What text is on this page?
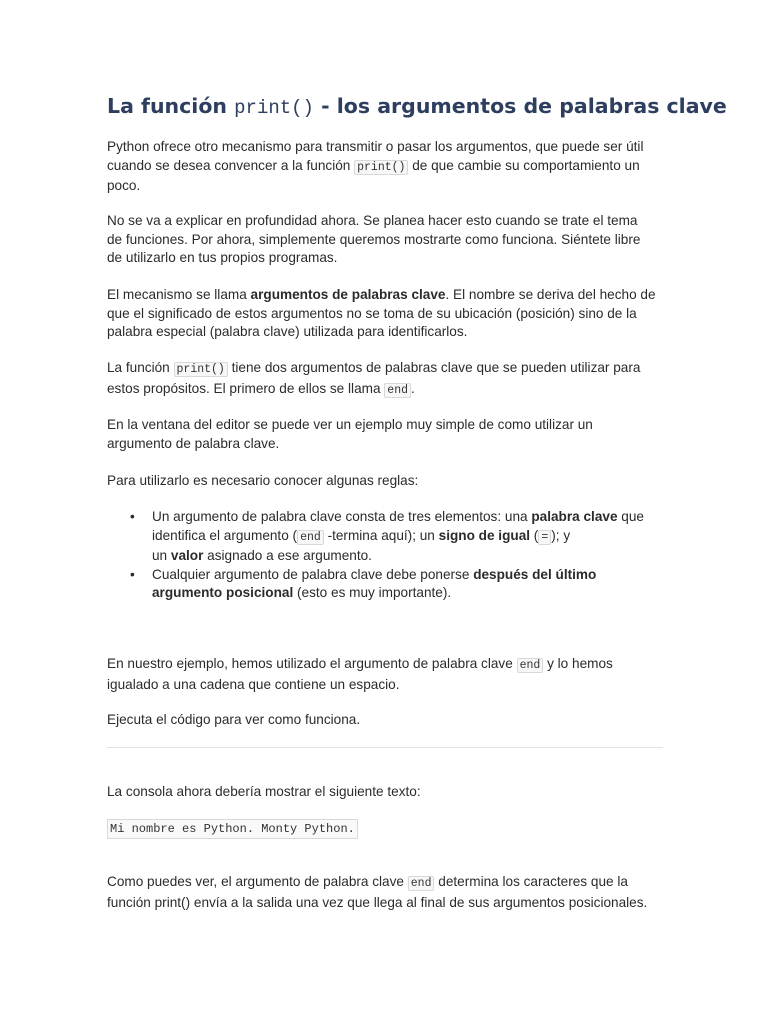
La función print() - los argumentos de palabras clave

Python ofrece otro mecanismo para transmitir o pasar los argumentos, que puede ser útil
cuando se desea convencer a la función print() de que cambie su comportamiento un
poco.

No se va a explicar en profundidad ahora. Se planea hacer esto cuando se trate el tema
de funciones. Por ahora, simplemente queremos mostrarte como funciona. Siéntete libre
de utilizarlo en tus propios programas.

El mecanismo se llama argumentos de palabras clave. El nombre se deriva del hecho de
que el significado de estos argumentos no se toma de su ubicación (posición) sino de la
palabra especial (palabra clave) utilizada para identificarlos.

La función print() tiene dos argumentos de palabras clave que se pueden utilizar para
estos propósitos. El primero de ellos se llama end .

En la ventana del editor se puede ver un ejemplo muy simple de como utilizar un
argumento de palabra clave.

Para utilizarlo es necesario conocer algunas reglas:

• Un argumento de palabra clave consta de tres elementos: una palabra clave que
identifica el argumento ( end -termina aquí); un signo de igual ( = ); y
un valor asignado a ese argumento.
• Cualquier argumento de palabra clave debe ponerse después del último
argumento posicional (esto es muy importante).

En nuestro ejemplo, hemos utilizado el argumento de palabra clave end y lo hemos
igualado a una cadena que contiene un espacio.

Ejecuta el código para ver como funciona.

La consola ahora debería mostrar el siguiente texto:

Mi nombre es Python. Monty Python.

Como puedes ver, el argumento de palabra clave end determina los caracteres que la
función print() envía a la salida una vez que llega al final de sus argumentos posicionales.
